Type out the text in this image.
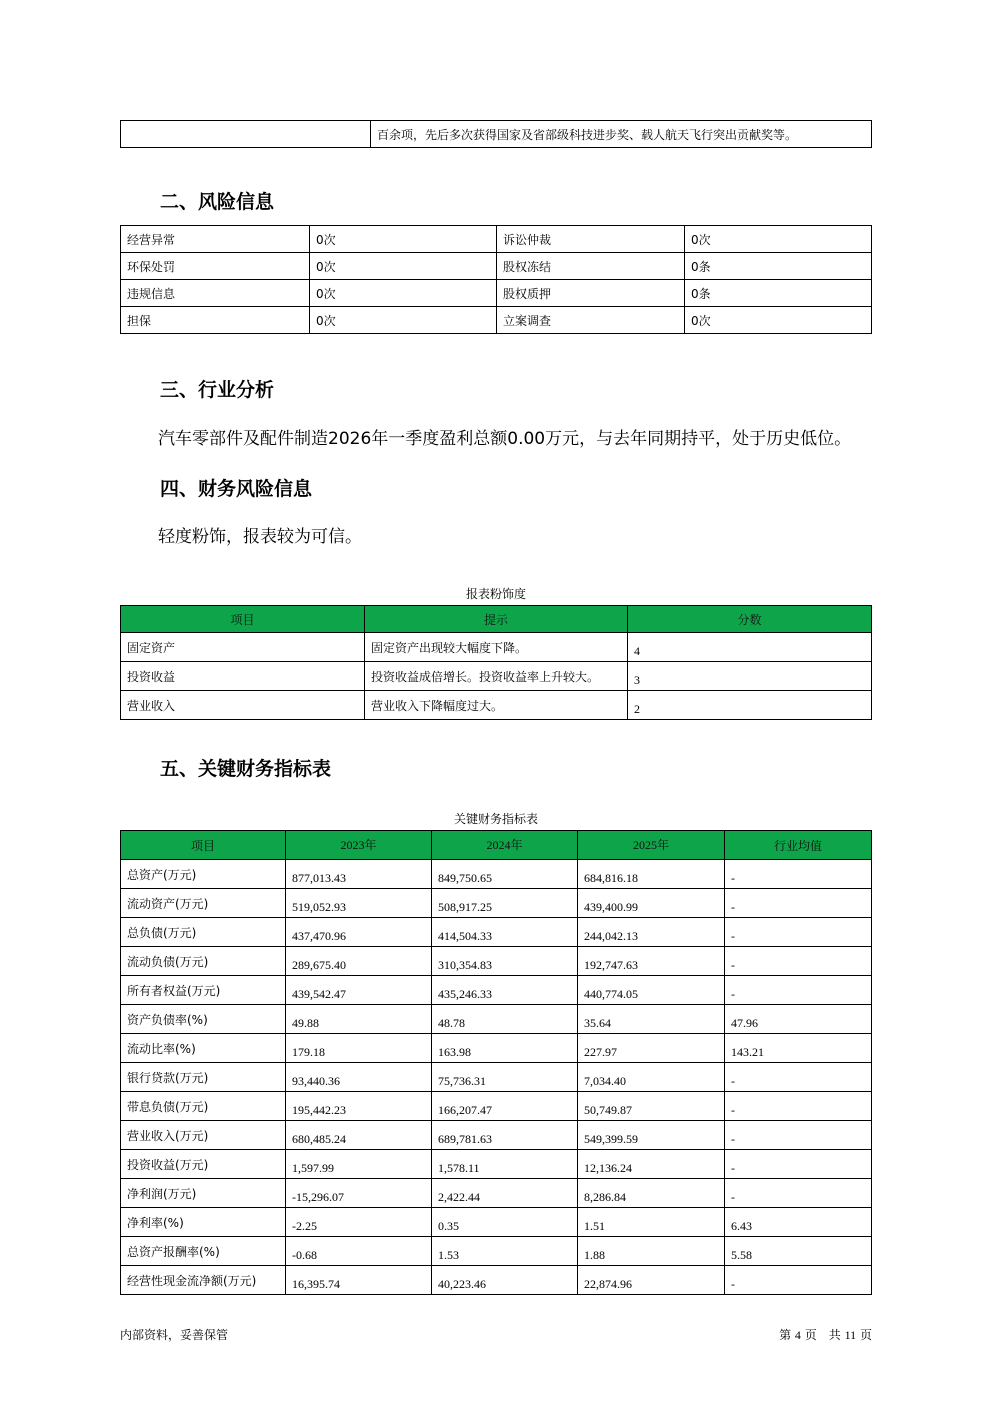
	百余项，先后多次获得国家及省部级科技进步奖、载人航天飞行突出贡献奖等。
二、风险信息
经营异常	0次	诉讼仲裁	0次
环保处罚	0次	股权冻结	0条
违规信息	0次	股权质押	0条
担保	0次	立案调查	0次
三、行业分析

汽车零部件及配件制造2026年一季度盈利总额0.00万元，与去年同期持平，处于历史低位。

四、财务风险信息

轻度粉饰，报表较为可信。

报表粉饰度

项目	提示	分数
固定资产	固定资产出现较大幅度下降。	4
投资收益	投资收益成倍增长。投资收益率上升较大。	3
营业收入	营业收入下降幅度过大。	2
五、关键财务指标表

关键财务指标表

项目	2023年	2024年	2025年	行业均值
总资产(万元)	877,013.43	849,750.65	684,816.18	-
流动资产(万元)	519,052.93	508,917.25	439,400.99	-
总负债(万元)	437,470.96	414,504.33	244,042.13	-
流动负债(万元)	289,675.40	310,354.83	192,747.63	-
所有者权益(万元)	439,542.47	435,246.33	440,774.05	-
资产负债率(%)	49.88	48.78	35.64	47.96
流动比率(%)	179.18	163.98	227.97	143.21
银行贷款(万元)	93,440.36	75,736.31	7,034.40	-
带息负债(万元)	195,442.23	166,207.47	50,749.87	-
营业收入(万元)	680,485.24	689,781.63	549,399.59	-
投资收益(万元)	1,597.99	1,578.11	12,136.24	-
净利润(万元)	-15,296.07	2,422.44	8,286.84	-
净利率(%)	-2.25	0.35	1.51	6.43
总资产报酬率(%)	-0.68	1.53	1.88	5.58
经营性现金流净额(万元)	16,395.74	40,223.46	22,874.96	-

内部资料，妥善保管	第 4 页　共 11 页
